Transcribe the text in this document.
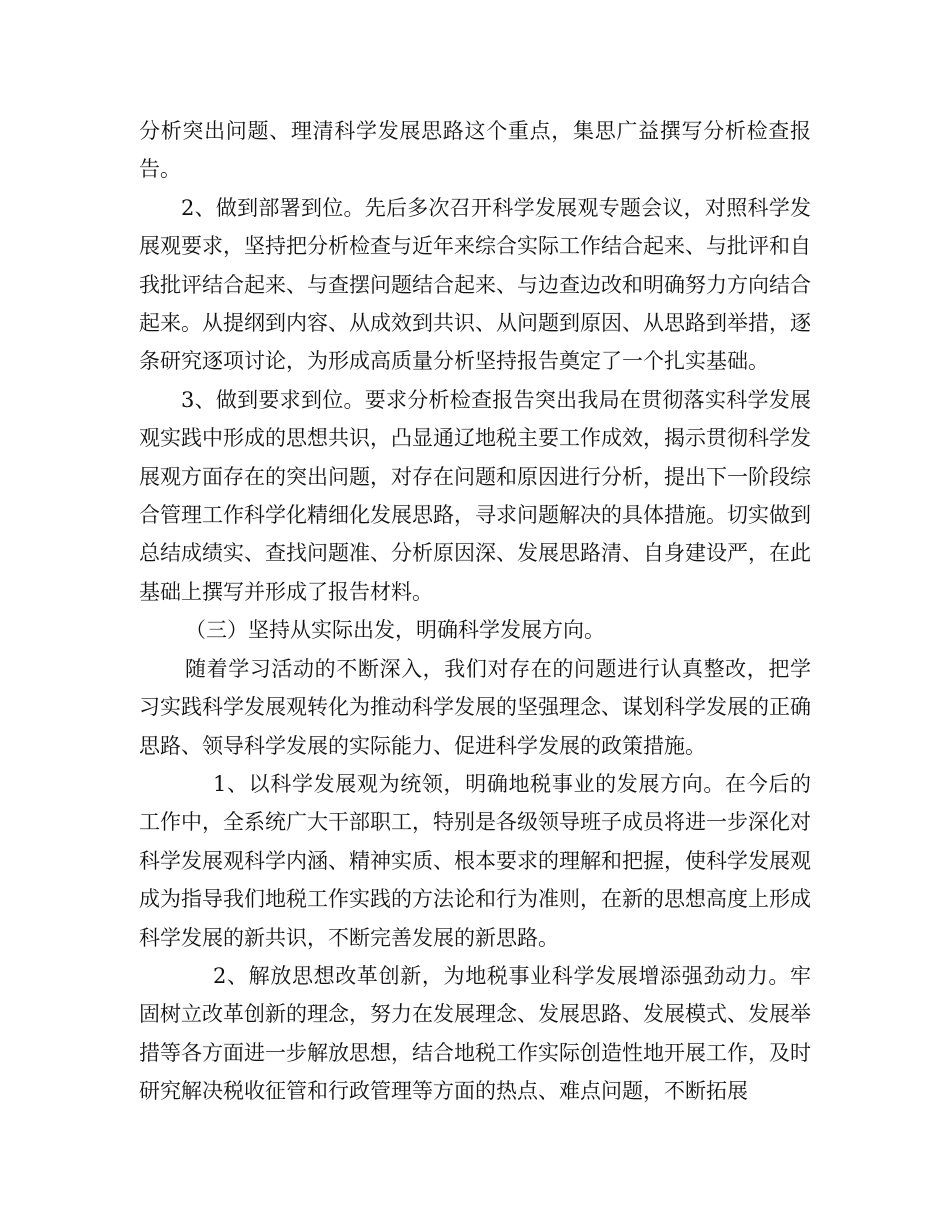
分析突出问题、理清科学发展思路这个重点，集思广益撰写分析检查报告。

2、做到部署到位。先后多次召开科学发展观专题会议，对照科学发展观要求，坚持把分析检查与近年来综合实际工作结合起来、与批评和自我批评结合起来、与查摆问题结合起来、与边查边改和明确努力方向结合起来。从提纲到内容、从成效到共识、从问题到原因、从思路到举措，逐条研究逐项讨论，为形成高质量分析坚持报告奠定了一个扎实基础。

3、做到要求到位。要求分析检查报告突出我局在贯彻落实科学发展观实践中形成的思想共识，凸显通辽地税主要工作成效，揭示贯彻科学发展观方面存在的突出问题，对存在问题和原因进行分析，提出下一阶段综合管理工作科学化精细化发展思路，寻求问题解决的具体措施。切实做到总结成绩实、查找问题准、分析原因深、发展思路清、自身建设严，在此基础上撰写并形成了报告材料。

（三）坚持从实际出发，明确科学发展方向。

随着学习活动的不断深入，我们对存在的问题进行认真整改，把学习实践科学发展观转化为推动科学发展的坚强理念、谋划科学发展的正确思路、领导科学发展的实际能力、促进科学发展的政策措施。

1、以科学发展观为统领，明确地税事业的发展方向。在今后的工作中，全系统广大干部职工，特别是各级领导班子成员将进一步深化对科学发展观科学内涵、精神实质、根本要求的理解和把握，使科学发展观成为指导我们地税工作实践的方法论和行为准则，在新的思想高度上形成科学发展的新共识，不断完善发展的新思路。

2、解放思想改革创新，为地税事业科学发展增添强劲动力。牢固树立改革创新的理念，努力在发展理念、发展思路、发展模式、发展举措等各方面进一步解放思想，结合地税工作实际创造性地开展工作，及时研究解决税收征管和行政管理等方面的热点、难点问题，不断拓展
